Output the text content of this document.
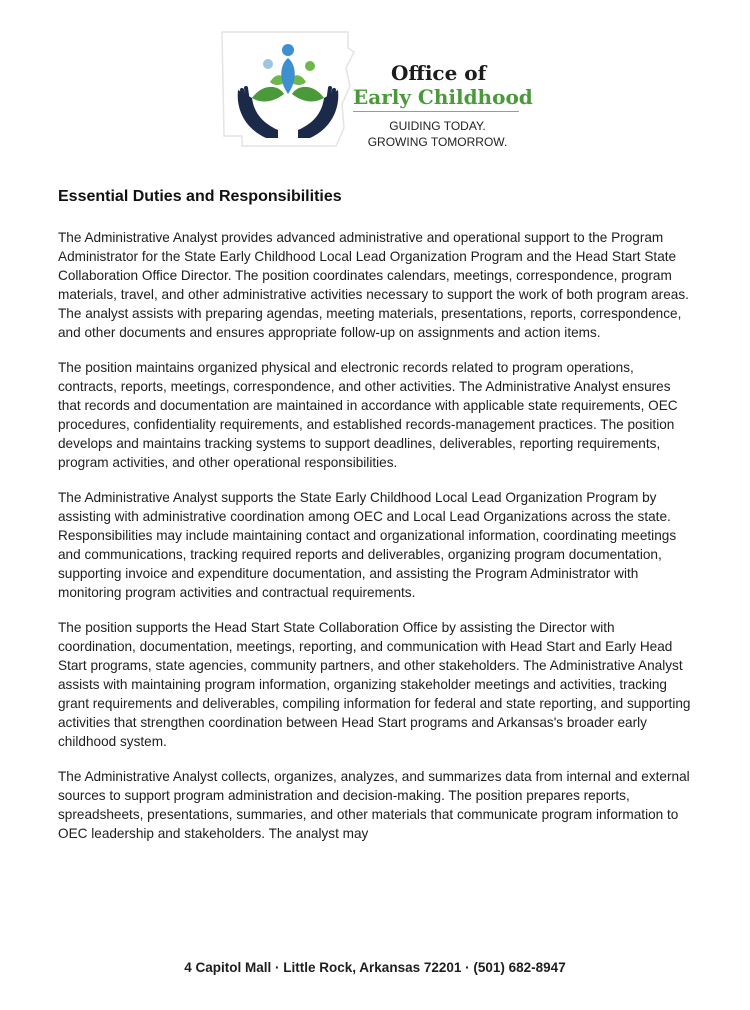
Office of
Early Childhood
GUIDING TODAY.
GROWING TOMORROW.
Essential Duties and Responsibilities

The Administrative Analyst provides advanced administrative and operational support to the Program Administrator for the State Early Childhood Local Lead Organization Program and the Head Start State Collaboration Office Director. The position coordinates calendars, meetings, correspondence, program materials, travel, and other administrative activities necessary to support the work of both program areas. The analyst assists with preparing agendas, meeting materials, presentations, reports, correspondence, and other documents and ensures appropriate follow-up on assignments and action items.

The position maintains organized physical and electronic records related to program operations, contracts, reports, meetings, correspondence, and other activities. The Administrative Analyst ensures that records and documentation are maintained in accordance with applicable state requirements, OEC procedures, confidentiality requirements, and established records-management practices. The position develops and maintains tracking systems to support deadlines, deliverables, reporting requirements, program activities, and other operational responsibilities.

The Administrative Analyst supports the State Early Childhood Local Lead Organization Program by assisting with administrative coordination among OEC and Local Lead Organizations across the state. Responsibilities may include maintaining contact and organizational information, coordinating meetings and communications, tracking required reports and deliverables, organizing program documentation, supporting invoice and expenditure documentation, and assisting the Program Administrator with monitoring program activities and contractual requirements.

The position supports the Head Start State Collaboration Office by assisting the Director with coordination, documentation, meetings, reporting, and communication with Head Start and Early Head Start programs, state agencies, community partners, and other stakeholders. The Administrative Analyst assists with maintaining program information, organizing stakeholder meetings and activities, tracking grant requirements and deliverables, compiling information for federal and state reporting, and supporting activities that strengthen coordination between Head Start programs and Arkansas's broader early childhood system.

The Administrative Analyst collects, organizes, analyzes, and summarizes data from internal and external sources to support program administration and decision-making. The position prepares reports, spreadsheets, presentations, summaries, and other materials that communicate program information to OEC leadership and stakeholders. The analyst may

4 Capitol Mall · Little Rock, Arkansas 72201 · (501) 682-8947
